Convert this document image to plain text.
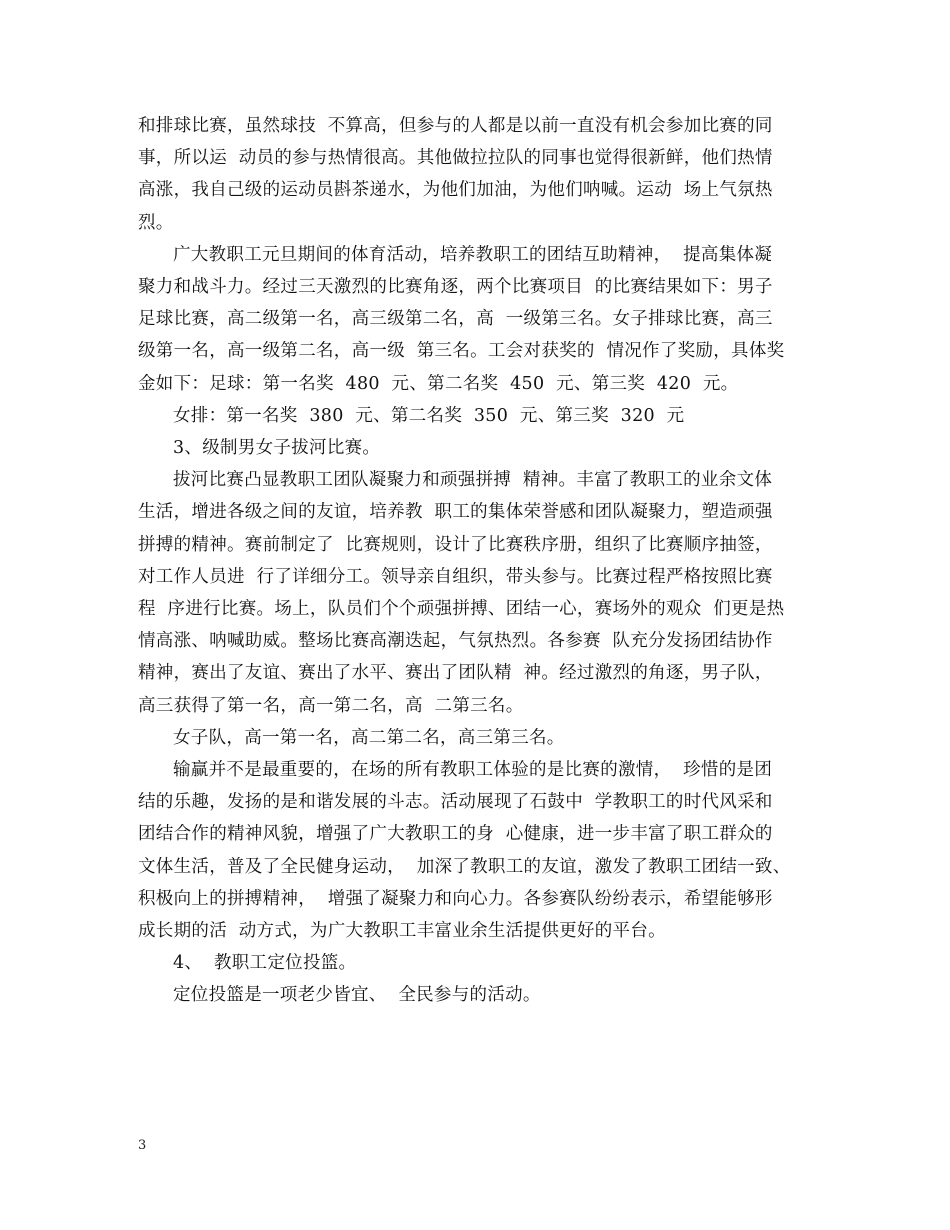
和排球比赛，虽然球技  不算高，但参与的人都是以前一直没有机会参加比赛的同
事，所以运  动员的参与热情很高。其他做拉拉队的同事也觉得很新鲜，他们热情
高涨，我自己级的运动员斟茶递水，为他们加油，为他们呐喊。运动  场上气氛热
烈。

广大教职工元旦期间的体育活动，培养教职工的团结互助精神，  提高集体凝
聚力和战斗力。经过三天激烈的比赛角逐，两个比赛项目  的比赛结果如下：男子
足球比赛，高二级第一名，高三级第二名，高  一级第三名。女子排球比赛，高三
级第一名，高一级第二名，高一级  第三名。工会对获奖的  情况作了奖励，具体奖
金如下：足球：第一名奖  480  元、第二名奖  450  元、第三奖  420  元。

女排：第一名奖  380  元、第二名奖  350  元、第三奖  320  元

3、级制男女子拔河比赛。

拔河比赛凸显教职工团队凝聚力和顽强拼搏  精神。丰富了教职工的业余文体
生活，增进各级之间的友谊，培养教  职工的集体荣誉感和团队凝聚力，塑造顽强
拼搏的精神。赛前制定了  比赛规则，设计了比赛秩序册，组织了比赛顺序抽签，
对工作人员进  行了详细分工。领导亲自组织，带头参与。比赛过程严格按照比赛
程  序进行比赛。场上，队员们个个顽强拼搏、团结一心，赛场外的观众  们更是热
情高涨、呐喊助威。整场比赛高潮迭起，气氛热烈。各参赛  队充分发扬团结协作
精神，赛出了友谊、赛出了水平、赛出了团队精  神。经过激烈的角逐，男子队，
高三获得了第一名，高一第二名，高  二第三名。

女子队，高一第一名，高二第二名，高三第三名。

输赢并不是最重要的，在场的所有教职工体验的是比赛的激情，  珍惜的是团
结的乐趣，发扬的是和谐发展的斗志。活动展现了石鼓中  学教职工的时代风采和
团结合作的精神风貌，增强了广大教职工的身  心健康，进一步丰富了职工群众的
文体生活，普及了全民健身运动，  加深了教职工的友谊，激发了教职工团结一致、
积极向上的拼搏精神，  增强了凝聚力和向心力。各参赛队纷纷表示，希望能够形
成长期的活  动方式，为广大教职工丰富业余生活提供更好的平台。

4、  教职工定位投篮。

定位投篮是一项老少皆宜、  全民参与的活动。

3
